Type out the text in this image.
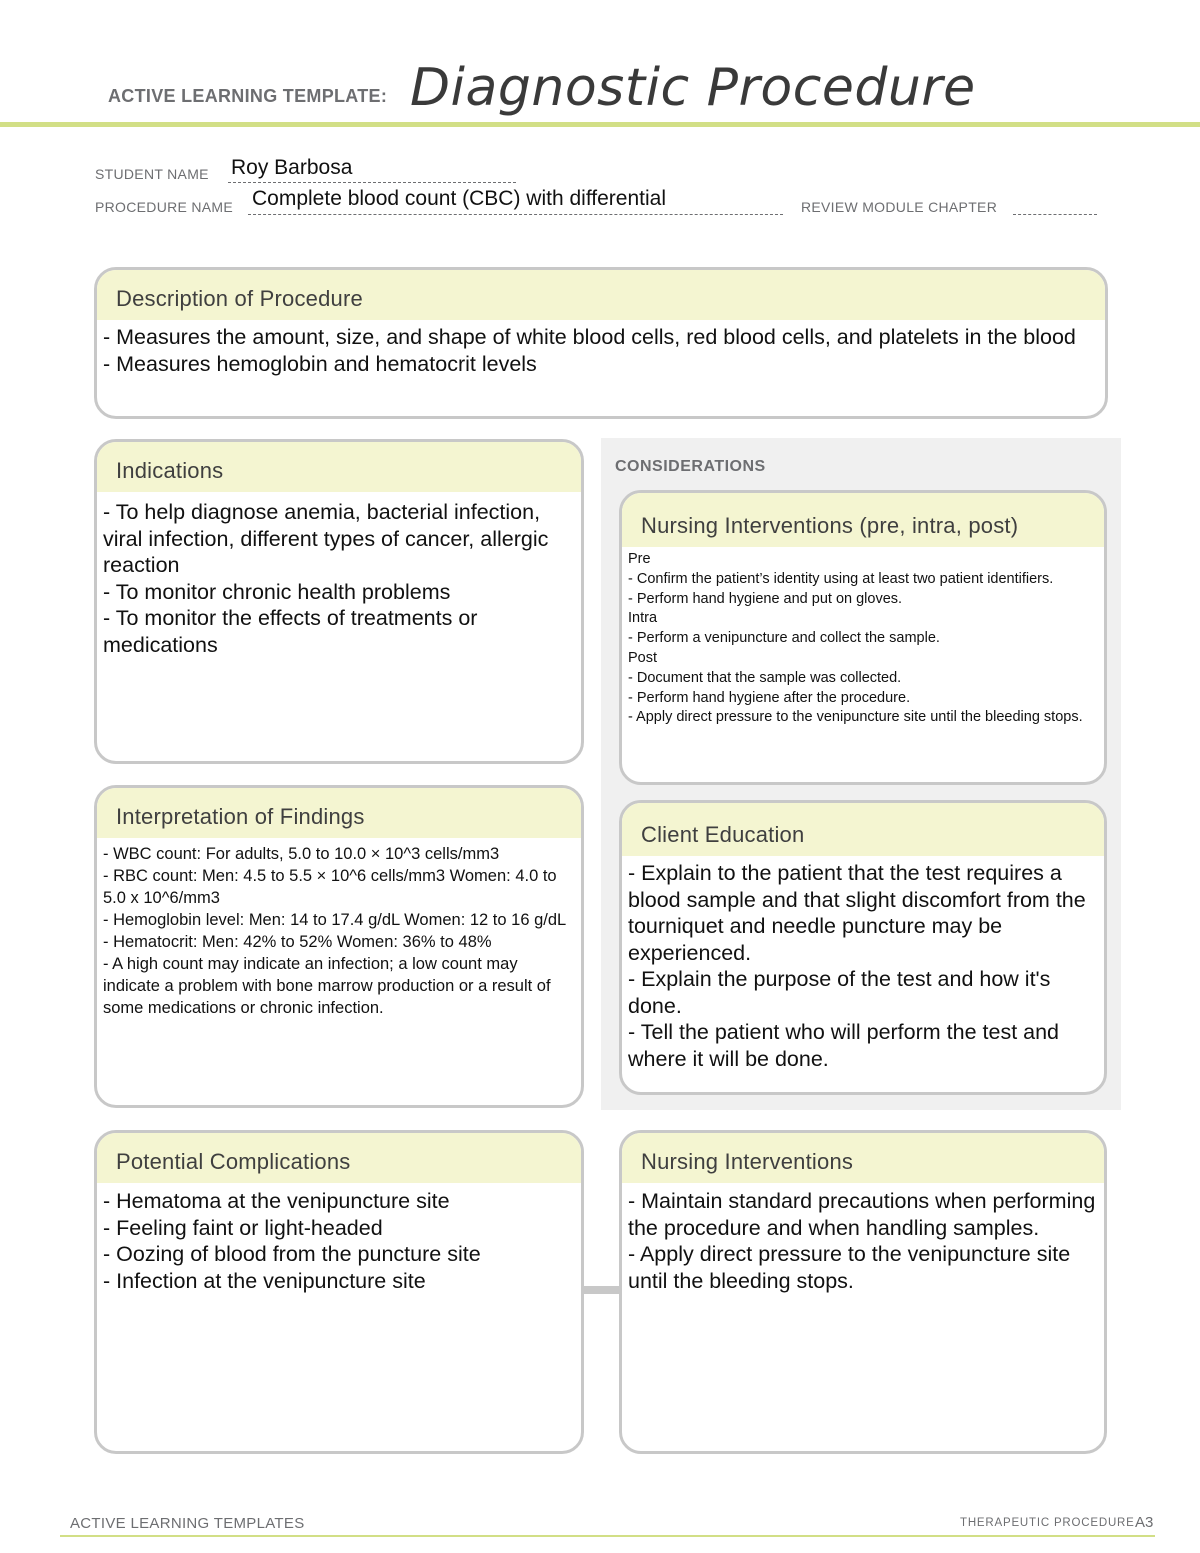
ACTIVE LEARNING TEMPLATE: Diagnostic Procedure
STUDENT NAME Roy Barbosa
PROCEDURE NAME Complete blood count (CBC) with differential	REVIEW MODULE CHAPTER
Description of Procedure
- Measures the amount, size, and shape of white blood cells, red blood cells, and platelets in the blood
- Measures hemoglobin and hematocrit levels
CONSIDERATIONS
Indications
- To help diagnose anemia, bacterial infection, viral infection, different types of cancer, allergic reaction
- To monitor chronic health problems
- To monitor the effects of treatments or medications
Nursing Interventions (pre, intra, post)
Pre
- Confirm the patient’s identity using at least two patient identifiers.
- Perform hand hygiene and put on gloves.
Intra
- Perform a venipuncture and collect the sample.
Post
- Document that the sample was collected.
- Perform hand hygiene after the procedure.
- Apply direct pressure to the venipuncture site until the bleeding stops.
Interpretation of Findings
- WBC count: For adults, 5.0 to 10.0 × 10^3 cells/mm3
- RBC count: Men: 4.5 to 5.5 × 10^6 cells/mm3 Women: 4.0 to 5.0 x 10^6/mm3
- Hemoglobin level: Men: 14 to 17.4 g/dL Women: 12 to 16 g/dL
- Hematocrit: Men: 42% to 52% Women: 36% to 48%
- A high count may indicate an infection; a low count may indicate a problem with bone marrow production or a result of some medications or chronic infection.
Client Education
- Explain to the patient that the test requires a blood sample and that slight discomfort from the tourniquet and needle puncture may be experienced.
- Explain the purpose of the test and how it's done.
- Tell the patient who will perform the test and where it will be done.
Potential Complications
- Hematoma at the venipuncture site
- Feeling faint or light-headed
- Oozing of blood from the puncture site
- Infection at the venipuncture site
Nursing Interventions
- Maintain standard precautions when performing the procedure and when handling samples.
- Apply direct pressure to the venipuncture site until the bleeding stops.
ACTIVE LEARNING TEMPLATES	THERAPEUTIC PROCEDURE A3
